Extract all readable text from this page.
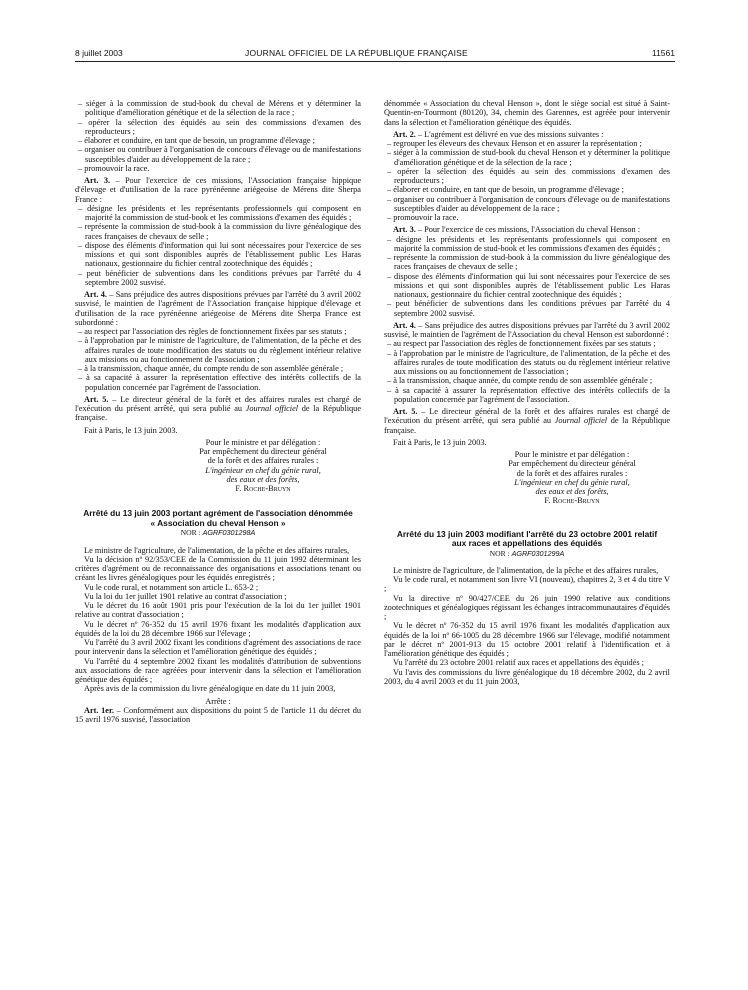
8 juillet 2003	JOURNAL OFFICIEL DE LA RÉPUBLIQUE FRANÇAISE	11561

– siéger à la commission de stud-book du cheval de Mérens et y déterminer la politique d'amélioration génétique et de la sélection de la race ;

– opérer la sélection des équidés au sein des commissions d'examen des reproducteurs ;

– élaborer et conduire, en tant que de besoin, un programme d'élevage ;

– organiser ou contribuer à l'organisation de concours d'élevage ou de manifestations susceptibles d'aider au développement de la race ;

– promouvoir la race.

Art. 3. – Pour l'exercice de ces missions, l'Association française hippique d'élevage et d'utilisation de la race pyrénéenne ariégeoise de Mérens dite Sherpa France :

– désigne les présidents et les représentants professionnels qui composent en majorité la commission de stud-book et les commissions d'examen des équidés ;

– représente la commission de stud-book à la commission du livre généalogique des races françaises de chevaux de selle ;

– dispose des éléments d'information qui lui sont nécessaires pour l'exercice de ses missions et qui sont disponibles auprès de l'établissement public Les Haras nationaux, gestionnaire du fichier central zootechnique des équidés ;

– peut bénéficier de subventions dans les conditions prévues par l'arrêté du 4 septembre 2002 susvisé.

Art. 4. – Sans préjudice des autres dispositions prévues par l'arrêté du 3 avril 2002 susvisé, le maintien de l'agrément de l'Association française hippique d'élevage et d'utilisation de la race pyrénéenne ariégeoise de Mérens dite Sherpa France est subordonné :

– au respect par l'association des règles de fonctionnement fixées par ses statuts ;

– à l'approbation par le ministre de l'agriculture, de l'alimentation, de la pêche et des affaires rurales de toute modification des statuts ou du règlement intérieur relative aux missions ou au fonctionnement de l'association ;

– à la transmission, chaque année, du compte rendu de son assemblée générale ;

– à sa capacité à assurer la représentation effective des intérêts collectifs de la population concernée par l'agrément de l'association.

Art. 5. – Le directeur général de la forêt et des affaires rurales est chargé de l'exécution du présent arrêté, qui sera publié au Journal officiel de la République française.

Fait à Paris, le 13 juin 2003.

Pour le ministre et par délégation :

Par empêchement du directeur général

de la forêt et des affaires rurales :

L'ingénieur en chef du génie rural,

des eaux et des forêts,

F. Roche-Bruyn

Arrêté du 13 juin 2003 portant agrément de l'association dénommée « Association du cheval Henson »

NOR : AGRF0301298A

Le ministre de l'agriculture, de l'alimentation, de la pêche et des affaires rurales,

Vu la décision nº 92/353/CEE de la Commission du 11 juin 1992 déterminant les critères d'agrément ou de reconnaissance des organisations et associations tenant ou créant les livres généalogiques pour les équidés enregistrés ;

Vu le code rural, et notamment son article L. 653-2 ;

Vu la loi du 1er juillet 1901 relative au contrat d'association ;

Vu le décret du 16 août 1901 pris pour l'exécution de la loi du 1er juillet 1901 relative au contrat d'association ;

Vu le décret nº 76-352 du 15 avril 1976 fixant les modalités d'application aux équidés de la loi du 28 décembre 1966 sur l'élevage ;

Vu l'arrêté du 3 avril 2002 fixant les conditions d'agrément des associations de race pour intervenir dans la sélection et l'amélioration génétique des équidés ;

Vu l'arrêté du 4 septembre 2002 fixant les modalités d'attribution de subventions aux associations de race agréées pour intervenir dans la sélection et l'amélioration génétique des équidés ;

Après avis de la commission du livre généalogique en date du 11 juin 2003,

Arrête :

Art. 1er. – Conformément aux dispositions du point 5 de l'article 11 du décret du 15 avril 1976 susvisé, l'association

dénommée « Association du cheval Henson », dont le siège social est situé à Saint-Quentin-en-Tourmont (80120), 34, chemin des Garennes, est agréée pour intervenir dans la sélection et l'amélioration génétique des équidés.

Art. 2. – L'agrément est délivré en vue des missions suivantes :

– regrouper les éleveurs des chevaux Henson et en assurer la représentation ;

– siéger à la commission de stud-book du cheval Henson et y déterminer la politique d'amélioration génétique et de la sélection de la race ;

– opérer la sélection des équidés au sein des commissions d'examen des reproducteurs ;

– élaborer et conduire, en tant que de besoin, un programme d'élevage ;

– organiser ou contribuer à l'organisation de concours d'élevage ou de manifestations susceptibles d'aider au développement de la race ;

– promouvoir la race.

Art. 3. – Pour l'exercice de ces missions, l'Association du cheval Henson :

– désigne les présidents et les représentants professionnels qui composent en majorité la commission de stud-book et les commissions d'examen des équidés ;

– représente la commission de stud-book à la commission du livre généalogique des races françaises de chevaux de selle ;

– dispose des éléments d'information qui lui sont nécessaires pour l'exercice de ses missions et qui sont disponibles auprès de l'établissement public Les Haras nationaux, gestionnaire du fichier central zootechnique des équidés ;

– peut bénéficier de subventions dans les conditions prévues par l'arrêté du 4 septembre 2002 susvisé.

Art. 4. – Sans préjudice des autres dispositions prévues par l'arrêté du 3 avril 2002 susvisé, le maintien de l'agrément de l'Association du cheval Henson est subordonné :

– au respect par l'association des règles de fonctionnement fixées par ses statuts ;

– à l'approbation par le ministre de l'agriculture, de l'alimentation, de la pêche et des affaires rurales de toute modification des statuts ou du règlement intérieur relative aux missions ou au fonctionnement de l'association ;

– à la transmission, chaque année, du compte rendu de son assemblée générale ;

– à sa capacité à assurer la représentation effective des intérêts collectifs de la population concernée par l'agrément de l'association.

Art. 5. – Le directeur général de la forêt et des affaires rurales est chargé de l'exécution du présent arrêté, qui sera publié au Journal officiel de la République française.

Fait à Paris, le 13 juin 2003.

Pour le ministre et par délégation :

Par empêchement du directeur général

de la forêt et des affaires rurales :

L'ingénieur en chef du génie rural,

des eaux et des forêts,

F. Roche-Bruyn

Arrêté du 13 juin 2003 modifiant l'arrêté du 23 octobre 2001 relatif aux races et appellations des équidés

NOR : AGRF0301299A

Le ministre de l'agriculture, de l'alimentation, de la pêche et des affaires rurales,

Vu le code rural, et notamment son livre VI (nouveau), chapitres 2, 3 et 4 du titre V ;

Vu la directive nº 90/427/CEE du 26 juin 1990 relative aux conditions zootechniques et généalogiques régissant les échanges intracommunautaires d'équidés ;

Vu le décret nº 76-352 du 15 avril 1976 fixant les modalités d'application aux équidés de la loi nº 66-1005 du 28 décembre 1966 sur l'élevage, modifié notamment par le décret nº 2001-913 du 15 octobre 2001 relatif à l'identification et à l'amélioration génétique des équidés ;

Vu l'arrêté du 23 octobre 2001 relatif aux races et appellations des équidés ;

Vu l'avis des commissions du livre généalogique du 18 décembre 2002, du 2 avril 2003, du 4 avril 2003 et du 11 juin 2003,
